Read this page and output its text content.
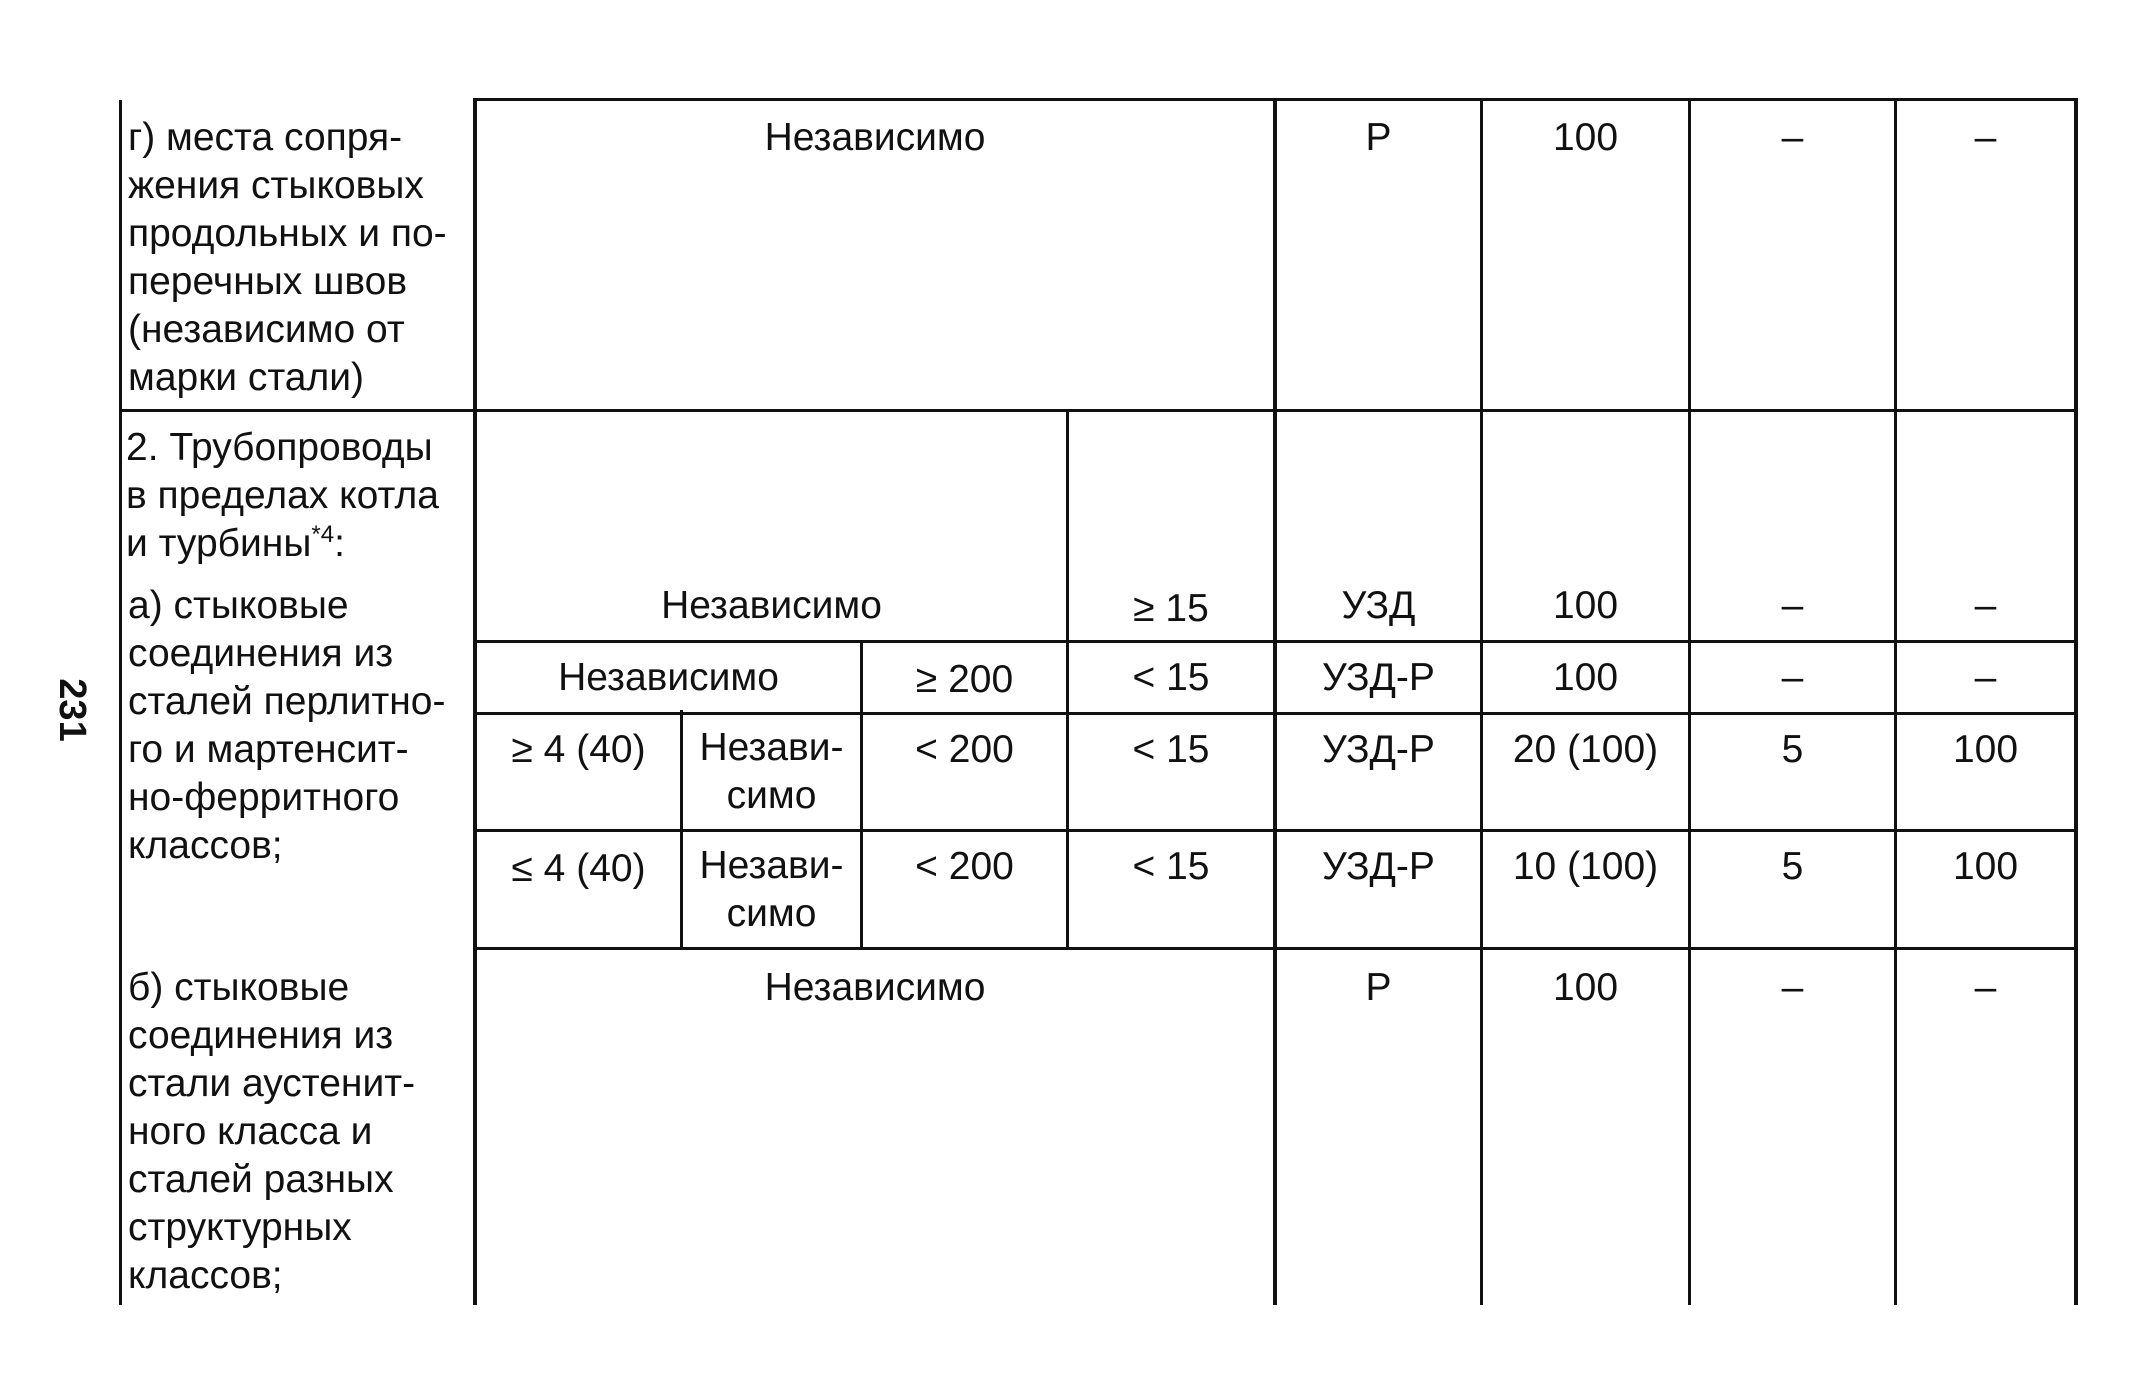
231
г) места сопря-
жения стыковых
продольных и по-
перечных швов
(независимо от
марки стали)
Независимо	Р	100	–	–
2. Трубопроводы
в пределах котла
и турбины$^{*4}$:
а) стыковые
соединения из
сталей перлитно-
го и мартенсит-
но-ферритного
классов;
Независимо	≥ 15	УЗД	100	–	–
Независимо	≥ 200	< 15	УЗД-Р	100	–	–
≥ 4 (40)	Незави-
симо
< 200	< 15	УЗД-Р	20 (100)	5	100
≤ 4 (40)	Незави-
симо
< 200	< 15	УЗД-Р	10 (100)	5	100
б) стыковые
соединения из
стали аустенит-
ного класса и
сталей разных
структурных
классов;
Независимо	Р	100	–	–
